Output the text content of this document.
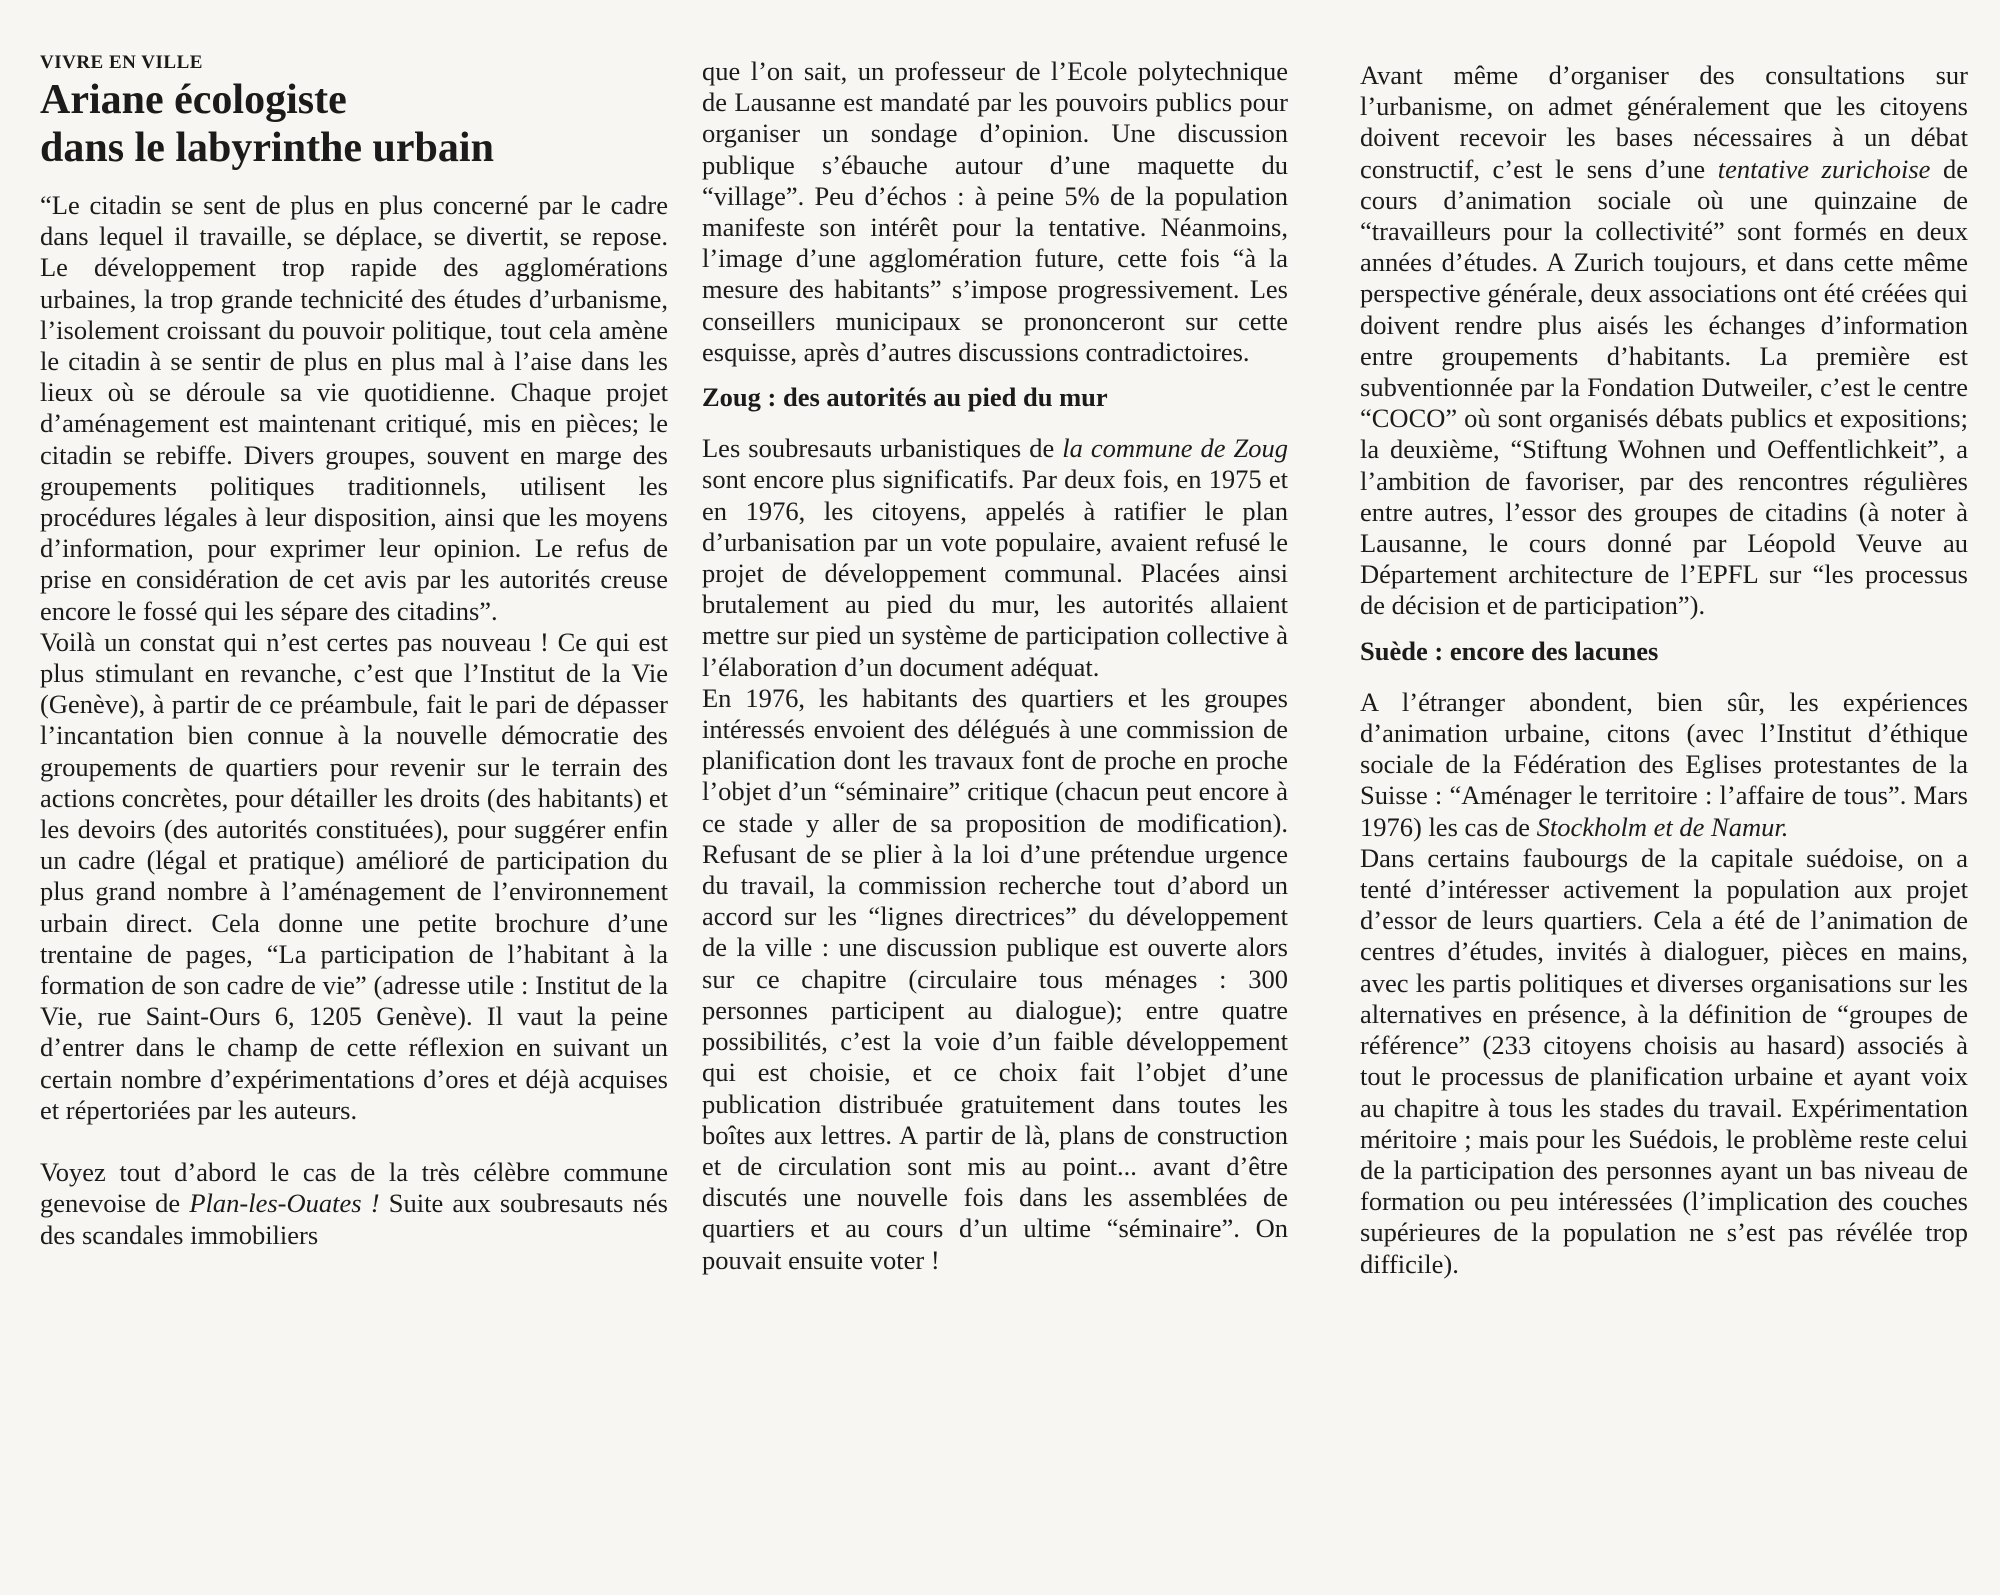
VIVRE EN VILLE
Ariane écologiste
dans le labyrinthe urbain

“Le citadin se sent de plus en plus concerné par le cadre dans lequel il travaille, se déplace, se divertit, se repose. Le développement trop rapide des agglomérations urbaines, la trop grande technicité des études d’urbanisme, l’isolement croissant du pouvoir politique, tout cela amène le citadin à se sentir de plus en plus mal à l’aise dans les lieux où se déroule sa vie quotidienne. Chaque projet d’aménagement est maintenant critiqué, mis en pièces; le citadin se rebiffe. Divers groupes, souvent en marge des groupements politiques traditionnels, utilisent les procédures légales à leur disposition, ainsi que les moyens d’information, pour exprimer leur opinion. Le refus de prise en considération de cet avis par les autorités creuse encore le fossé qui les sépare des citadins”.

Voilà un constat qui n’est certes pas nouveau ! Ce qui est plus stimulant en revanche, c’est que l’Institut de la Vie (Genève), à partir de ce préambule, fait le pari de dépasser l’incantation bien connue à la nouvelle démocratie des groupements de quartiers pour revenir sur le terrain des actions concrètes, pour détailler les droits (des habitants) et les devoirs (des autorités constituées), pour suggérer enfin un cadre (légal et pratique) amélioré de participation du plus grand nombre à l’aménagement de l’environnement urbain direct. Cela donne une petite brochure d’une trentaine de pages, “La participation de l’habitant à la formation de son cadre de vie” (adresse utile : Institut de la Vie, rue Saint-Ours 6, 1205 Genève). Il vaut la peine d’entrer dans le champ de cette réflexion en suivant un certain nombre d’expérimentations d’ores et déjà acquises et répertoriées par les auteurs.

Voyez tout d’abord le cas de la très célèbre commune genevoise de Plan-les-Ouates ! Suite aux soubresauts nés des scandales immobiliers

que l’on sait, un professeur de l’Ecole polytechnique de Lausanne est mandaté par les pouvoirs publics pour organiser un sondage d’opinion. Une discussion publique s’ébauche autour d’une maquette du “village”. Peu d’échos : à peine 5% de la population manifeste son intérêt pour la tentative. Néanmoins, l’image d’une agglomération future, cette fois “à la mesure des habitants” s’impose progressivement. Les conseillers municipaux se prononceront sur cette esquisse, après d’autres discussions contradictoires.

Zoug : des autorités au pied du mur

Les soubresauts urbanistiques de la commune de Zoug sont encore plus significatifs. Par deux fois, en 1975 et en 1976, les citoyens, appelés à ratifier le plan d’urbanisation par un vote populaire, avaient refusé le projet de développement communal. Placées ainsi brutalement au pied du mur, les autorités allaient mettre sur pied un système de participation collective à l’élaboration d’un document adéquat.

En 1976, les habitants des quartiers et les groupes intéressés envoient des délégués à une commission de planification dont les travaux font de proche en proche l’objet d’un “séminaire” critique (chacun peut encore à ce stade y aller de sa proposition de modification). Refusant de se plier à la loi d’une prétendue urgence du travail, la commission recherche tout d’abord un accord sur les “lignes directrices” du développement de la ville : une discussion publique est ouverte alors sur ce chapitre (circulaire tous ménages : 300 personnes participent au dialogue); entre quatre possibilités, c’est la voie d’un faible développement qui est choisie, et ce choix fait l’objet d’une publication distribuée gratuitement dans toutes les boîtes aux lettres. A partir de là, plans de construction et de circulation sont mis au point... avant d’être discutés une nouvelle fois dans les assemblées de quartiers et au cours d’un ultime “séminaire”. On pouvait ensuite voter !

Avant même d’organiser des consultations sur l’urbanisme, on admet généralement que les citoyens doivent recevoir les bases nécessaires à un débat constructif, c’est le sens d’une tentative zurichoise de cours d’animation sociale où une quinzaine de “travailleurs pour la collectivité” sont formés en deux années d’études. A Zurich toujours, et dans cette même perspective générale, deux associations ont été créées qui doivent rendre plus aisés les échanges d’information entre groupements d’habitants. La première est subventionnée par la Fondation Dutweiler, c’est le centre “COCO” où sont organisés débats publics et expositions; la deuxième, “Stiftung Wohnen und Oeffentlichkeit”, a l’ambition de favoriser, par des rencontres régulières entre autres, l’essor des groupes de citadins (à noter à Lausanne, le cours donné par Léopold Veuve au Département architecture de l’EPFL sur “les processus de décision et de participation”).

Suède : encore des lacunes

A l’étranger abondent, bien sûr, les expériences d’animation urbaine, citons (avec l’Institut d’éthique sociale de la Fédération des Eglises protestantes de la Suisse : “Aménager le territoire : l’affaire de tous”. Mars 1976) les cas de Stockholm et de Namur.

Dans certains faubourgs de la capitale suédoise, on a tenté d’intéresser activement la population aux projet d’essor de leurs quartiers. Cela a été de l’animation de centres d’études, invités à dialoguer, pièces en mains, avec les partis politiques et diverses organisations sur les alternatives en présence, à la définition de “groupes de référence” (233 citoyens choisis au hasard) associés à tout le processus de planification urbaine et ayant voix au chapitre à tous les stades du travail. Expérimentation méritoire ; mais pour les Suédois, le problème reste celui de la participation des personnes ayant un bas niveau de formation ou peu intéressées (l’implication des couches supérieures de la population ne s’est pas révélée trop difficile).
